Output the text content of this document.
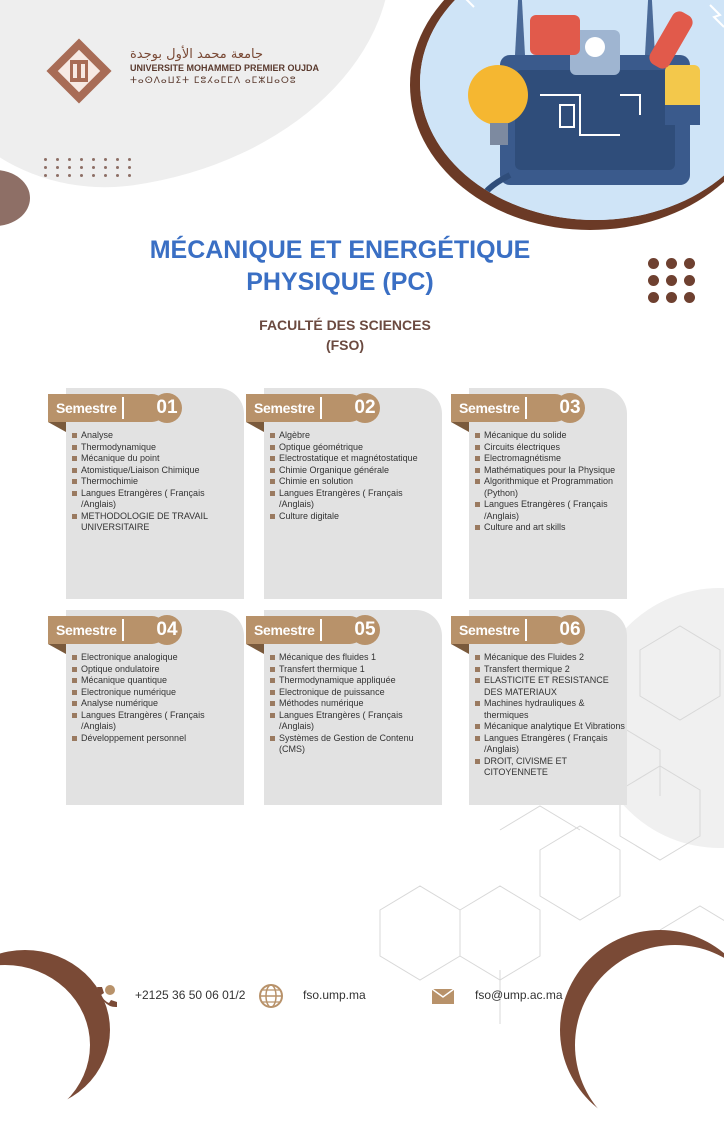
جامعة محمد الأول بوجدة
UNIVERSITE MOHAMMED PREMIER OUJDA
ⵜⴰⵙⴷⴰⵡⵉⵜ ⵎⵓⵃⴰⵎⵎⴷ ⴰⵎⵣⵡⴰⵔⵓ
MÉCANIQUE ET ENERGÉTIQUE
PHYSIQUE (PC)
FACULTÉ DES SCIENCES
(FSO)
Semestre 01
Analyse
Thermodynamique
Mécanique du point
Atomistique/Liaison Chimique
Thermochimie
Langues Etrangères ( Français /Anglais)
METHODOLOGIE DE TRAVAIL UNIVERSITAIRE
Semestre 02
Algèbre
Optique géométrique
Electrostatique et magnétostatique
Chimie Organique générale
Chimie en solution
Langues Etrangères ( Français /Anglais)
Culture digitale
Semestre 03
Mécanique du solide
Circuits électriques
Electromagnétisme
Mathématiques pour la Physique
Algorithmique et Programmation (Python)
Langues Etrangères ( Français /Anglais)
Culture and art skills
Semestre 04
Electronique analogique
Optique ondulatoire
Mécanique quantique
Electronique numérique
Analyse numérique
Langues Etrangères ( Français /Anglais)
Développement personnel
Semestre 05
Mécanique des fluides 1
Transfert thermique 1
Thermodynamique appliquée
Electronique de puissance
Méthodes numérique
Langues Etrangères ( Français /Anglais)
Systèmes de Gestion de Contenu (CMS)
Semestre 06
Mécanique des Fluides 2
Transfert thermique 2
ELASTICITE ET RESISTANCE DES MATERIAUX
Machines hydrauliques & thermiques
Mécanique analytique Et Vibrations
Langues Etrangères ( Français /Anglais)
DROIT, CIVISME ET CITOYENNETE
+2125 36 50 06 01/2	fso.ump.ma	fso@ump.ac.ma
